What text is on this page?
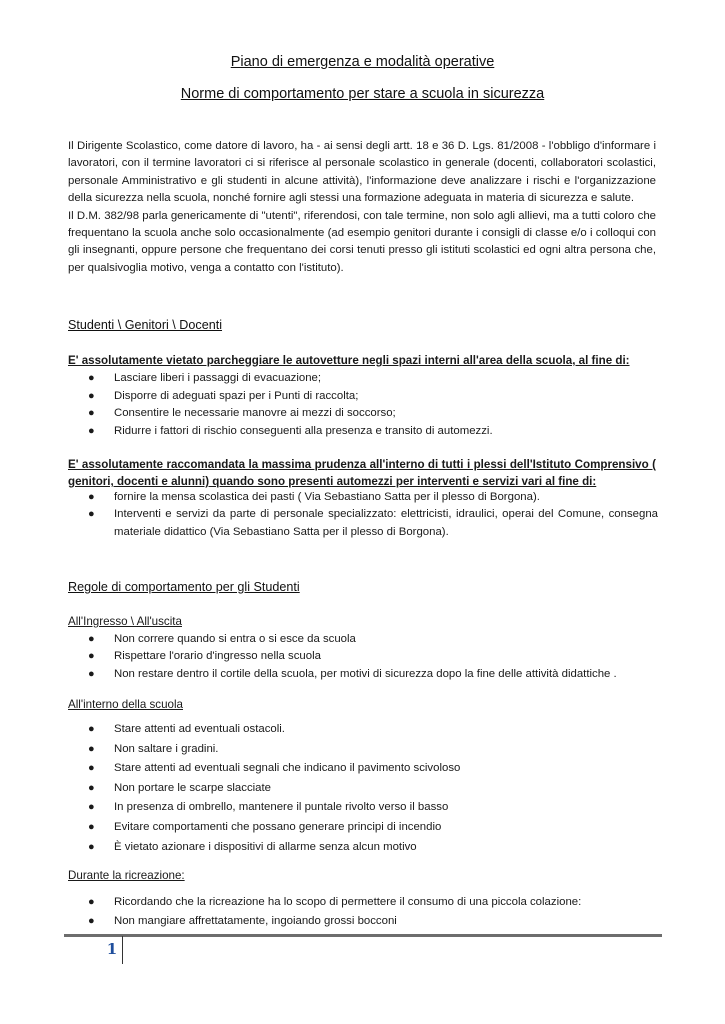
Piano di emergenza e modalità operative
Norme di comportamento per stare a scuola in sicurezza
Il Dirigente Scolastico, come datore di lavoro, ha - ai sensi degli artt. 18 e 36 D. Lgs. 81/2008 - l'obbligo d'informare i lavoratori, con il termine lavoratori ci si riferisce al personale scolastico in generale (docenti, collaboratori scolastici, personale Amministrativo e gli studenti in alcune attività), l'informazione deve analizzare i rischi e l'organizzazione della sicurezza nella scuola, nonché fornire agli stessi una formazione adeguata in materia di sicurezza e salute.
Il D.M. 382/98 parla genericamente di "utenti", riferendosi, con tale termine, non solo agli allievi, ma a tutti coloro che frequentano la scuola anche solo occasionalmente (ad esempio genitori durante i consigli di classe e/o i colloqui con gli insegnanti, oppure persone che frequentano dei corsi tenuti presso gli istituti scolastici ed ogni altra persona che, per qualsivoglia motivo, venga a contatto con l'istituto).
Studenti \ Genitori \ Docenti
E' assolutamente vietato parcheggiare le autovetture negli spazi interni all'area della scuola, al fine di:
● Lasciare liberi i passaggi di evacuazione;
● Disporre di adeguati spazi per i Punti di raccolta;
● Consentire le necessarie manovre ai mezzi di soccorso;
● Ridurre i fattori di rischio conseguenti alla presenza e transito di automezzi.
E' assolutamente raccomandata la massima prudenza all'interno di tutti i plessi dell'Istituto Comprensivo ( genitori, docenti e alunni) quando sono presenti automezzi per interventi e servizi vari al fine di:
● fornire la mensa scolastica dei pasti ( Via Sebastiano Satta per il plesso di Borgona).
● Interventi e servizi da parte di personale specializzato: elettricisti, idraulici, operai del Comune, consegna materiale didattico (Via Sebastiano Satta per il plesso di Borgona).
Regole di comportamento per gli Studenti
All'Ingresso \ All'uscita
● Non correre quando si entra o si esce da scuola
● Rispettare l'orario d'ingresso nella scuola
● Non restare dentro il cortile della scuola, per motivi di sicurezza dopo la fine delle attività didattiche .
All'interno della scuola
● Stare attenti ad eventuali ostacoli.
● Non saltare i gradini.
● Stare attenti ad eventuali segnali che indicano il pavimento scivoloso
● Non portare le scarpe slacciate
● In presenza di ombrello, mantenere il puntale rivolto verso il basso
● Evitare comportamenti che possano generare principi di incendio
● È vietato azionare i dispositivi di allarme senza alcun motivo
Durante la ricreazione:
● Ricordando che la ricreazione ha lo scopo di permettere il consumo di una piccola colazione:
● Non mangiare affrettatamente, ingoiando grossi bocconi
1
